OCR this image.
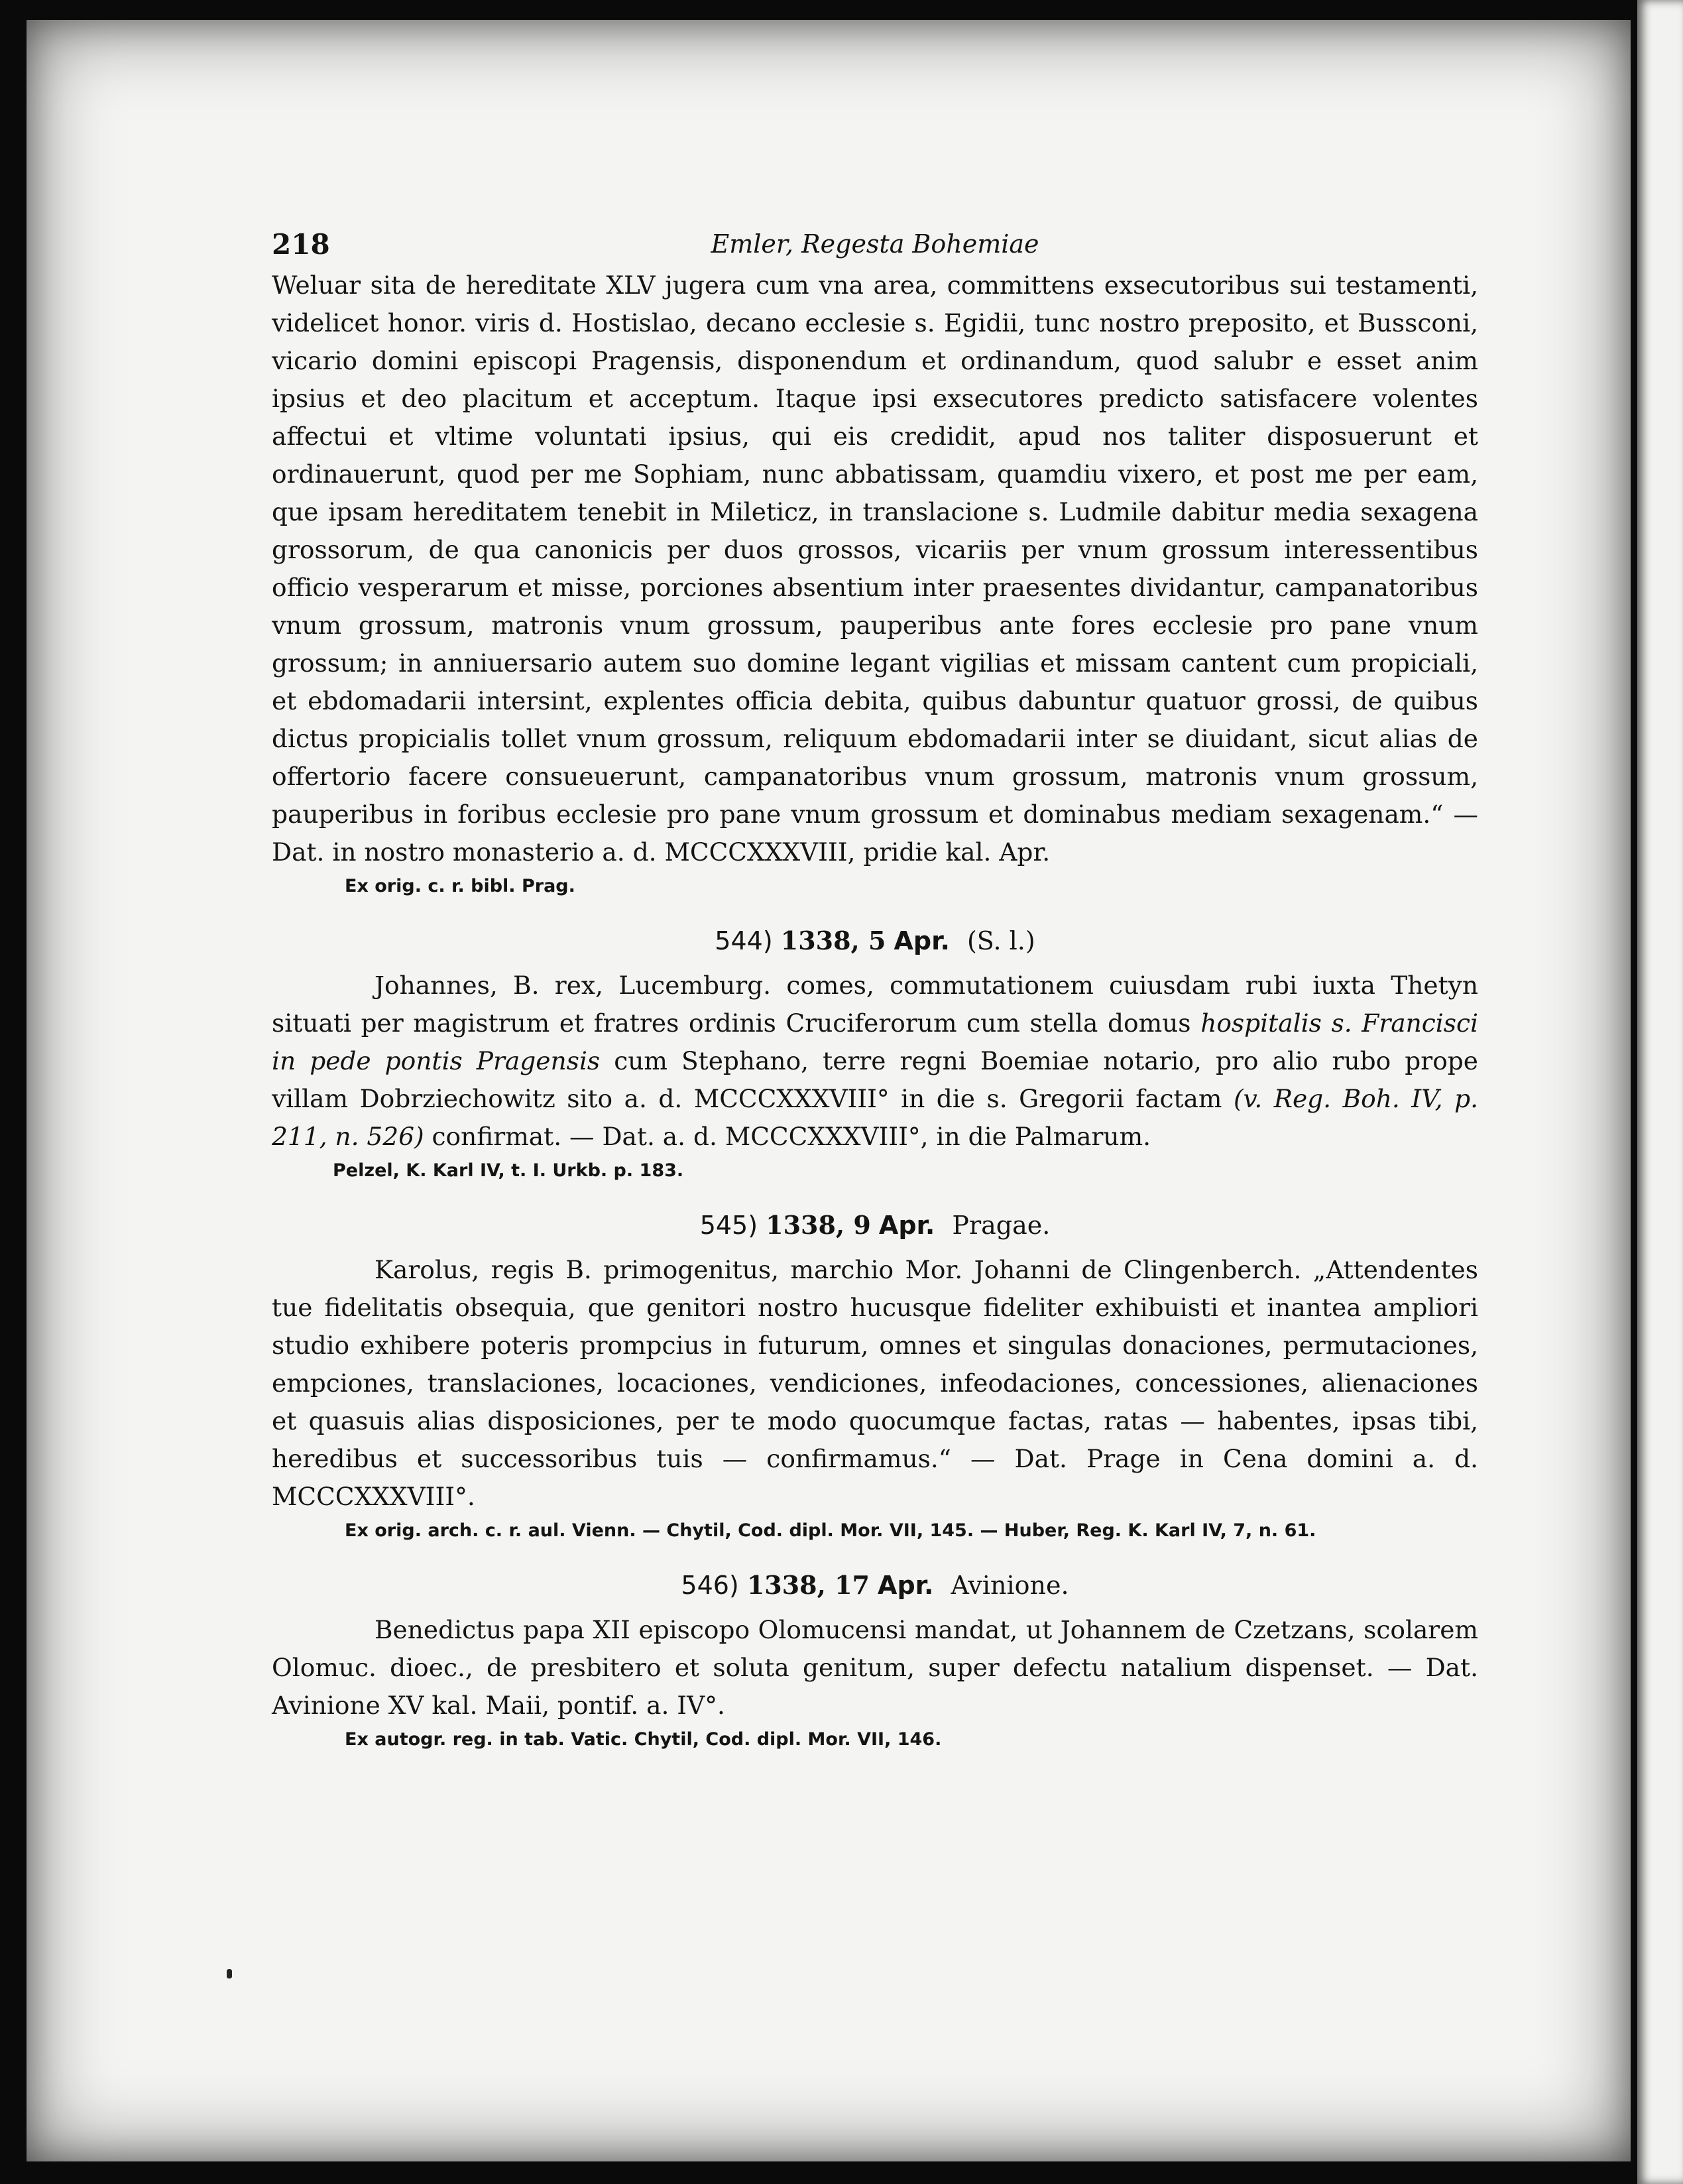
218	Emler, Regesta Bohemiae

Weluar sita de hereditate XLV jugera cum vna area, committens exsecutoribus sui testamenti, videlicet honor. viris d. Hostislao, decano ecclesie s. Egidii, tunc nostro preposito, et Bussconi, vicario domini episcopi Pragensis, disponendum et ordinandum, quod salubr e esset anim ipsius et deo placitum et acceptum. Itaque ipsi exsecutores predicto satisfacere volentes affectui et vltime voluntati ipsius, qui eis credidit, apud nos taliter disposuerunt et ordinauerunt, quod per me Sophiam, nunc abbatissam, quamdiu vixero, et post me per eam, que ipsam hereditatem tenebit in Mileticz, in translacione s. Ludmile dabitur media sexagena grossorum, de qua canonicis per duos grossos, vicariis per vnum grossum interessentibus officio vesperarum et misse, porciones absentium inter praesentes dividantur, campanatoribus vnum grossum, matronis vnum grossum, pauperibus ante fores ecclesie pro pane vnum grossum; in anniuersario autem suo domine legant vigilias et missam cantent cum propiciali, et ebdomadarii intersint, explentes officia debita, quibus dabuntur quatuor grossi, de quibus dictus propicialis tollet vnum grossum, reliquum ebdomadarii inter se diuidant, sicut alias de offertorio facere consueuerunt, campanatoribus vnum grossum, matronis vnum grossum, pauperibus in foribus ecclesie pro pane vnum grossum et dominabus mediam sexagenam.“ — Dat. in nostro monasterio a. d. MCCCXXXVIII, pridie kal. Apr.

Ex orig. c. r. bibl. Prag.
544) 1338, 5 Apr. (S. l.)

Johannes, B. rex, Lucemburg. comes, commutationem cuiusdam rubi iuxta Thetyn situati per magistrum et fratres ordinis Cruciferorum cum stella domus hospitalis s. Francisci in pede pontis Pragensis cum Stephano, terre regni Boemiae notario, pro alio rubo prope villam Dobrziechowitz sito a. d. MCCCXXXVIII° in die s. Gregorii factam (v. Reg. Boh. IV, p. 211, n. 526) confirmat. — Dat. a. d. MCCCXXXVIII°, in die Palmarum.

Pelzel, K. Karl IV, t. I. Urkb. p. 183.
545) 1338, 9 Apr. Pragae.

Karolus, regis B. primogenitus, marchio Mor. Johanni de Clingenberch. „Attendentes tue fidelitatis obsequia, que genitori nostro hucusque fideliter exhibuisti et inantea ampliori studio exhibere poteris prompcius in futurum, omnes et singulas donaciones, permutaciones, empciones, translaciones, locaciones, vendiciones, infeodaciones, concessiones, alienaciones et quasuis alias disposiciones, per te modo quocumque factas, ratas — habentes, ipsas tibi, heredibus et successoribus tuis — confirmamus.“ — Dat. Prage in Cena domini a. d. MCCCXXXVIII°.

Ex orig. arch. c. r. aul. Vienn. — Chytil, Cod. dipl. Mor. VII, 145. — Huber, Reg. K. Karl IV, 7, n. 61.
546) 1338, 17 Apr. Avinione.

Benedictus papa XII episcopo Olomucensi mandat, ut Johannem de Czetzans, scolarem Olomuc. dioec., de presbitero et soluta genitum, super defectu natalium dispenset. — Dat. Avinione XV kal. Maii, pontif. a. IV°.

Ex autogr. reg. in tab. Vatic. Chytil, Cod. dipl. Mor. VII, 146.
